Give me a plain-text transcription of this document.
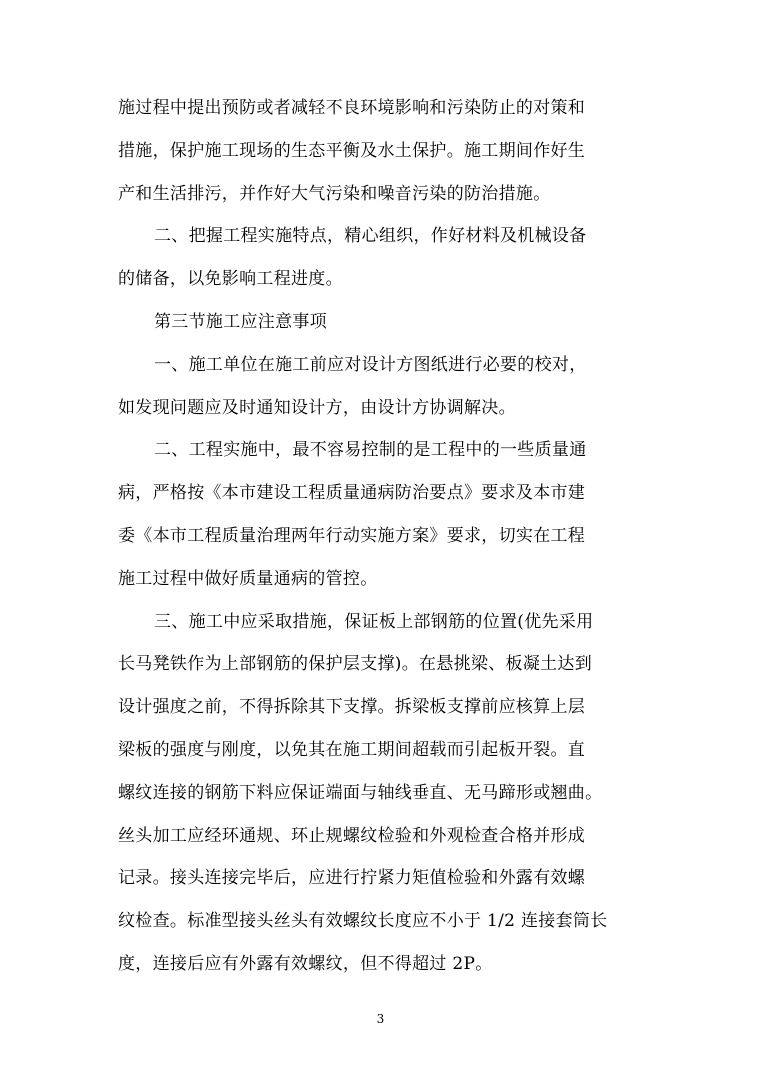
施过程中提出预防或者减轻不良环境影响和污染防止的对策和
措施，保护施工现场的生态平衡及水土保护。施工期间作好生
产和生活排污，并作好大气污染和噪音污染的防治措施。
二、把握工程实施特点，精心组织，作好材料及机械设备
的储备，以免影响工程进度。
第三节施工应注意事项
一、施工单位在施工前应对设计方图纸进行必要的校对，
如发现问题应及时通知设计方，由设计方协调解决。
二、工程实施中，最不容易控制的是工程中的一些质量通
病，严格按《本市建设工程质量通病防治要点》要求及本市建
委《本市工程质量治理两年行动实施方案》要求，切实在工程
施工过程中做好质量通病的管控。
三、施工中应采取措施，保证板上部钢筋的位置(优先采用
长马凳铁作为上部钢筋的保护层支撑)。在悬挑梁、板凝土达到
设计强度之前，不得拆除其下支撑。拆梁板支撑前应核算上层
梁板的强度与刚度，以免其在施工期间超载而引起板开裂。直
螺纹连接的钢筋下料应保证端面与轴线垂直、无马蹄形或翘曲。
丝头加工应经环通规、环止规螺纹检验和外观检查合格并形成
记录。接头连接完毕后，应进行拧紧力矩值检验和外露有效螺
纹检查。标准型接头丝头有效螺纹长度应不小于 1/2 连接套筒长
度，连接后应有外露有效螺纹，但不得超过 2P。
3
